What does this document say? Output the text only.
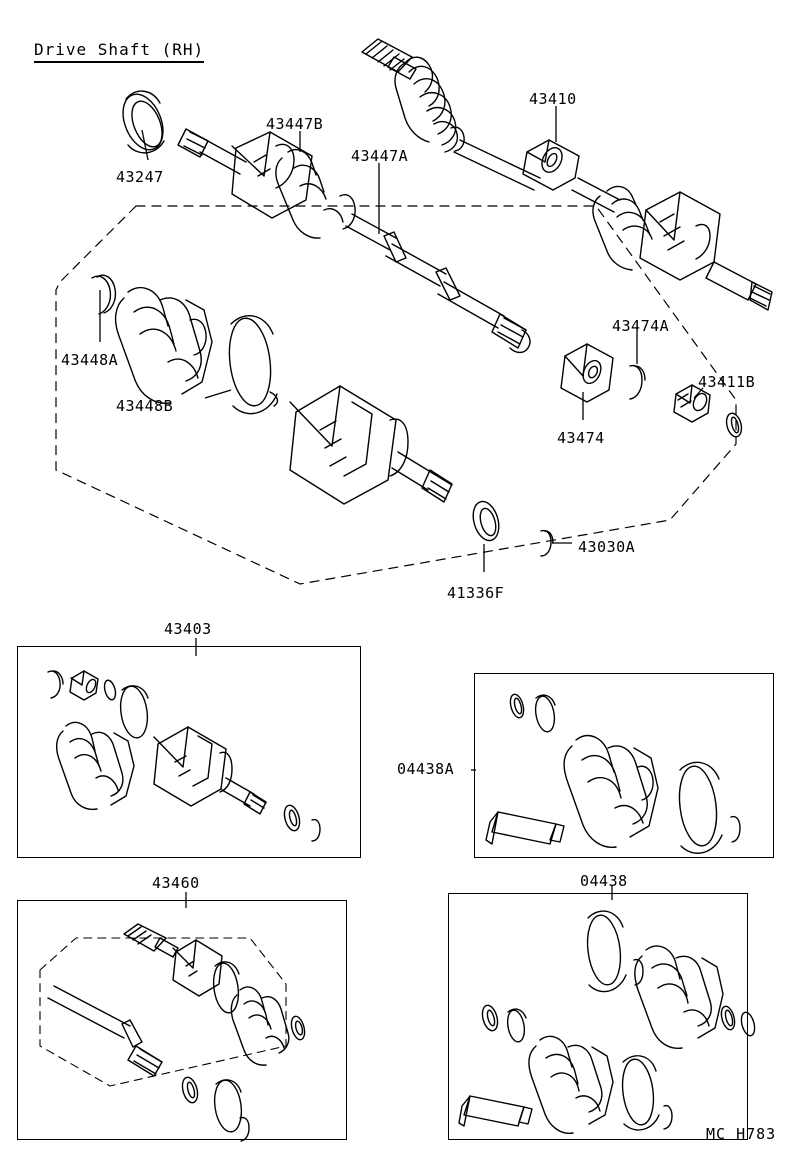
Drive Shaft (RH)
43247
43447B
43447A
43410
43448A
43448B
43474A
43474
43411B
43030A
41336F
43403
04438A
43460	04438
MC H783
